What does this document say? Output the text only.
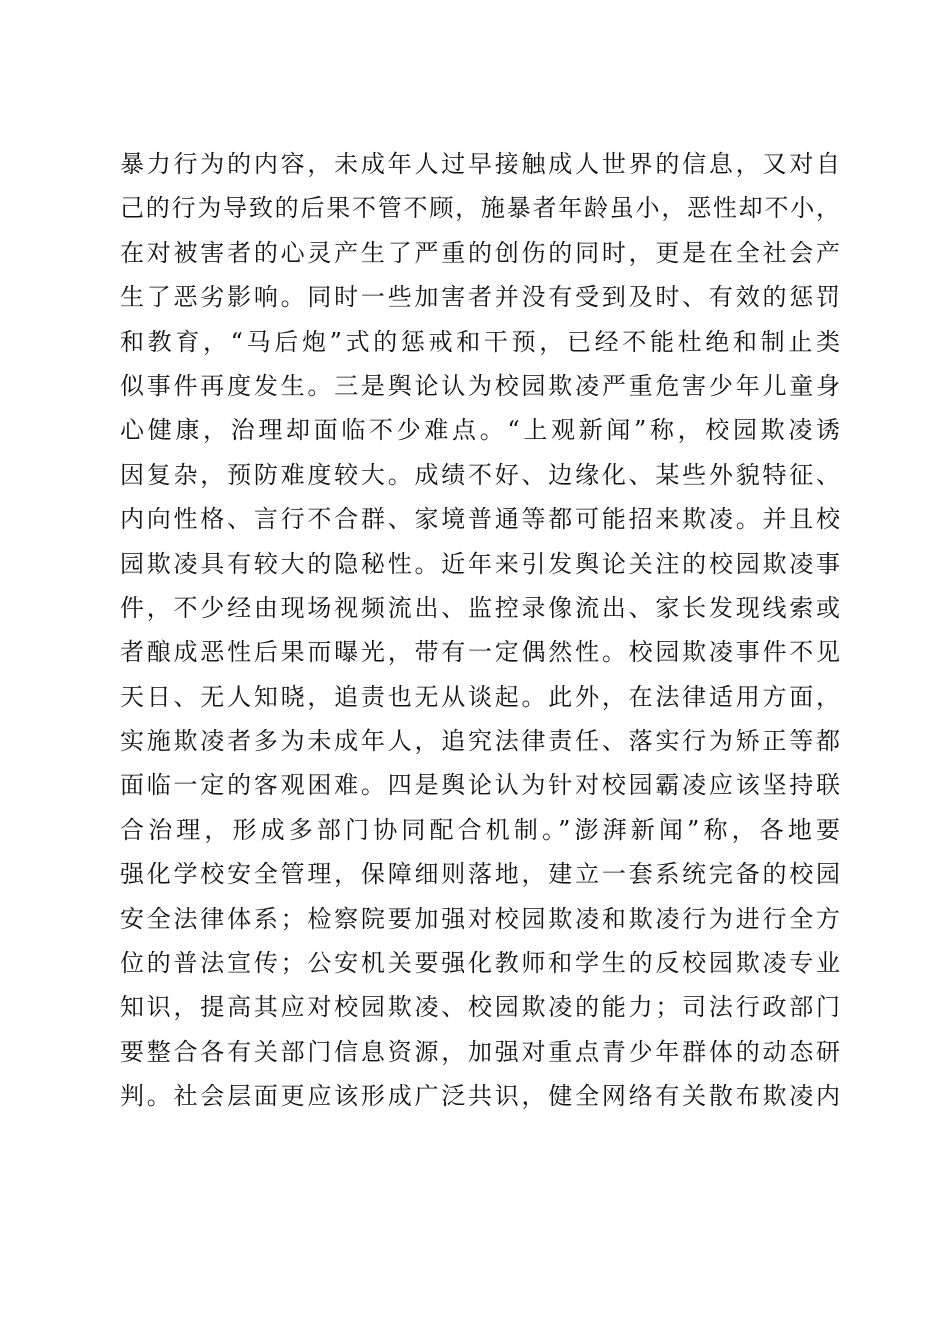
暴力行为的内容，未成年人过早接触成人世界的信息，又对自
己的行为导致的后果不管不顾，施暴者年龄虽小，恶性却不小，
在对被害者的心灵产生了严重的创伤的同时，更是在全社会产
生了恶劣影响。同时一些加害者并没有受到及时、有效的惩罚
和教育，“马后炮”式的惩戒和干预，已经不能杜绝和制止类
似事件再度发生。三是舆论认为校园欺凌严重危害少年儿童身
心健康，治理却面临不少难点。“上观新闻”称，校园欺凌诱
因复杂，预防难度较大。成绩不好、边缘化、某些外貌特征、
内向性格、言行不合群、家境普通等都可能招来欺凌。并且校
园欺凌具有较大的隐秘性。近年来引发舆论关注的校园欺凌事
件，不少经由现场视频流出、监控录像流出、家长发现线索或
者酿成恶性后果而曝光，带有一定偶然性。校园欺凌事件不见
天日、无人知晓，追责也无从谈起。此外，在法律适用方面，
实施欺凌者多为未成年人，追究法律责任、落实行为矫正等都
面临一定的客观困难。四是舆论认为针对校园霸凌应该坚持联
合治理，形成多部门协同配合机制。”澎湃新闻”称，各地要
强化学校安全管理，保障细则落地，建立一套系统完备的校园
安全法律体系；检察院要加强对校园欺凌和欺凌行为进行全方
位的普法宣传；公安机关要强化教师和学生的反校园欺凌专业
知识，提高其应对校园欺凌、校园欺凌的能力；司法行政部门
要整合各有关部门信息资源，加强对重点青少年群体的动态研
判。社会层面更应该形成广泛共识，健全网络有关散布欺凌内
